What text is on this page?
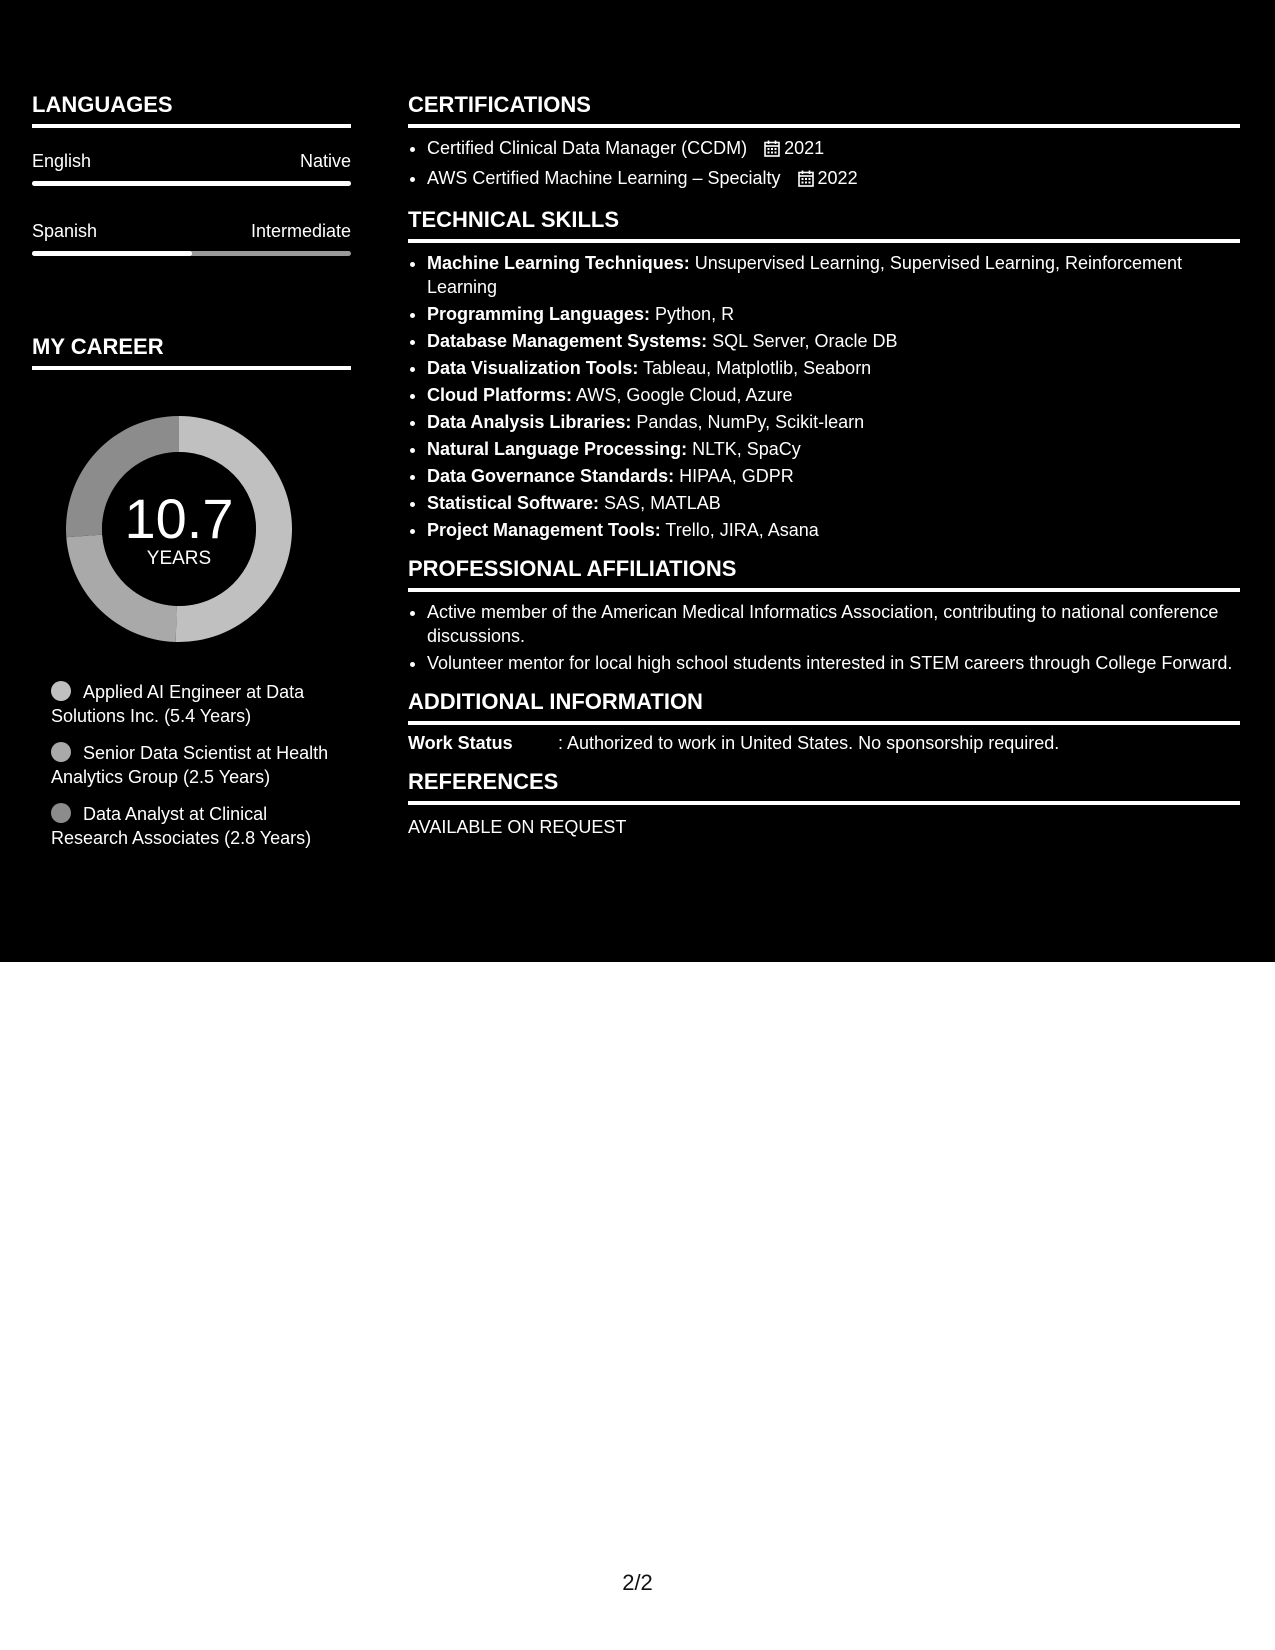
LANGUAGES
English	Native
Spanish	Intermediate
MY CAREER
10.7
YEARS
Applied AI Engineer at Data Solutions Inc. (5.4 Years)
Senior Data Scientist at Health Analytics Group (2.5 Years)
Data Analyst at Clinical Research Associates (2.8 Years)
CERTIFICATIONS
• Certified Clinical Data Manager (CCDM) 2021
• AWS Certified Machine Learning – Specialty 2022
TECHNICAL SKILLS
• Machine Learning Techniques: Unsupervised Learning, Supervised Learning, Reinforcement Learning
• Programming Languages: Python, R
• Database Management Systems: SQL Server, Oracle DB
• Data Visualization Tools: Tableau, Matplotlib, Seaborn
• Cloud Platforms: AWS, Google Cloud, Azure
• Data Analysis Libraries: Pandas, NumPy, Scikit-learn
• Natural Language Processing: NLTK, SpaCy
• Data Governance Standards: HIPAA, GDPR
• Statistical Software: SAS, MATLAB
• Project Management Tools: Trello, JIRA, Asana
PROFESSIONAL AFFILIATIONS
• Active member of the American Medical Informatics Association, contributing to national conference discussions.
• Volunteer mentor for local high school students interested in STEM careers through College Forward.
ADDITIONAL INFORMATION
Work Status	: Authorized to work in United States. No sponsorship required.
REFERENCES
AVAILABLE ON REQUEST
2/2
